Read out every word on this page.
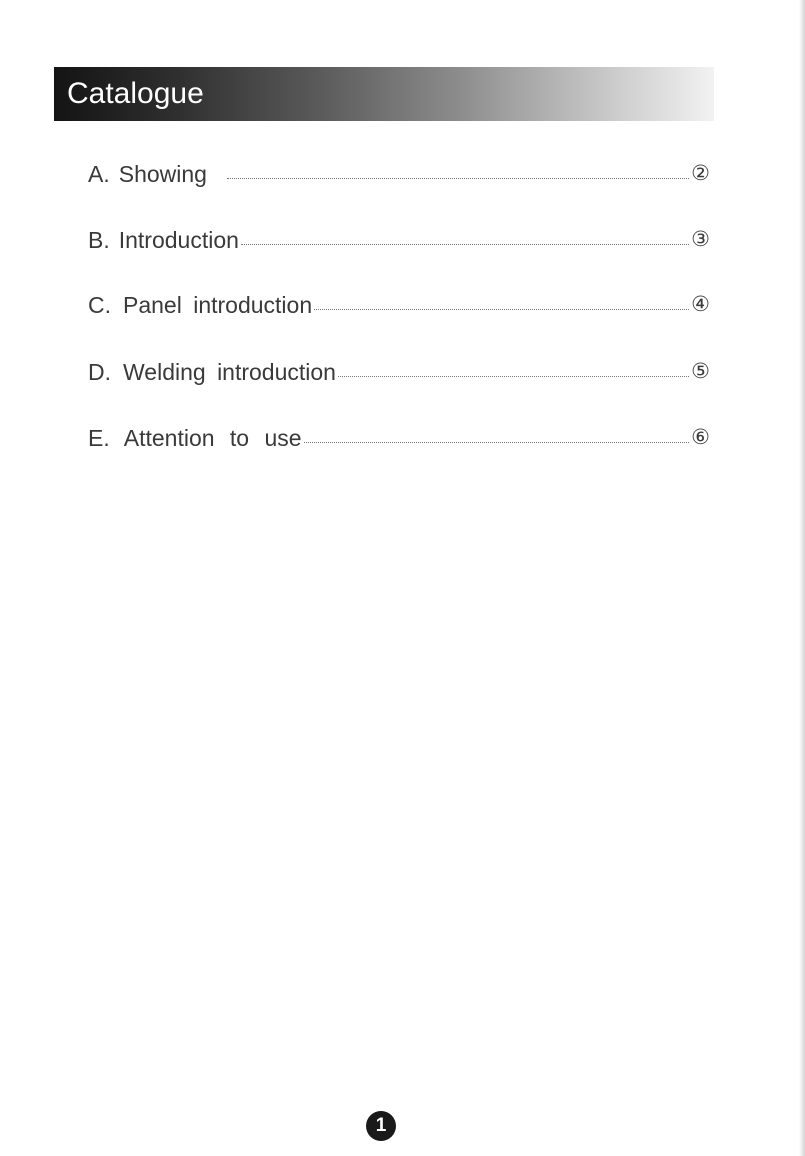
Catalogue
A. Showing	②
B. Introduction	③
C. Panel introduction	④
D. Welding introduction	⑤
E. Attention to use	⑥
1
